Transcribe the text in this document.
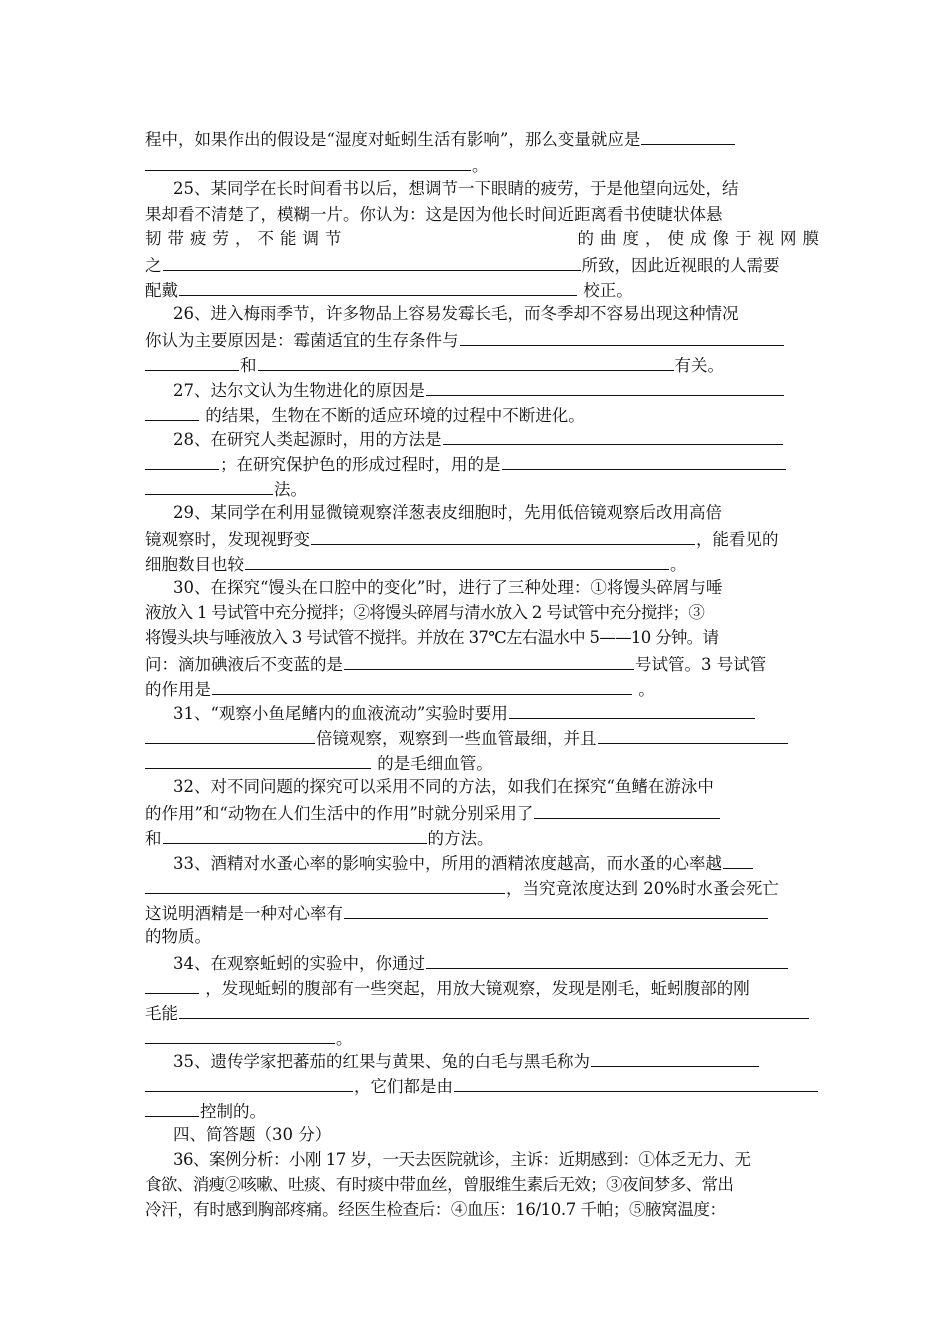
程中，如果作出的假设是“湿度对蚯蚓生活有影响”，那么变量就应是
。
25、某同学在长时间看书以后，想调节一下眼睛的疲劳，于是他望向远处，结
果却看不清楚了，模糊一片。你认为：这是因为他长时间近距离看书使睫状体悬
韧带疲劳，不能调节	的曲度，使成像于视网膜
之	所致，因此近视眼的人需要
配戴	校正。
26、进入梅雨季节，许多物品上容易发霉长毛，而冬季却不容易出现这种情况
你认为主要原因是：霉菌适宜的生存条件与
和	有关。
27、达尔文认为生物进化的原因是
的结果，生物在不断的适应环境的过程中不断进化。
28、在研究人类起源时，用的方法是
；在研究保护色的形成过程时，用的是
法。
29、某同学在利用显微镜观察洋葱表皮细胞时，先用低倍镜观察后改用高倍
镜观察时，发现视野变	，能看见的
细胞数目也较	。
30、在探究“馒头在口腔中的变化”时，进行了三种处理：①将馒头碎屑与唾
液放入 1 号试管中充分搅拌；②将馒头碎屑与清水放入 2 号试管中充分搅拌；③
将馒头块与唾液放入 3 号试管不搅拌。并放在 37℃左右温水中 5——10 分钟。请
问：滴加碘液后不变蓝的是	号试管。3 号试管
的作用是	。
31、“观察小鱼尾鳍内的血液流动”实验时要用
倍镜观察，观察到一些血管最细，并且
的是毛细血管。
32、对不同问题的探究可以采用不同的方法，如我们在探究“鱼鳍在游泳中
的作用”和“动物在人们生活中的作用”时就分别采用了
和	的方法。
33、酒精对水蚤心率的影响实验中，所用的酒精浓度越高，而水蚤的心率越
，当究竟浓度达到 20%时水蚤会死亡
这说明酒精是一种对心率有
的物质。
34、在观察蚯蚓的实验中，你通过
，发现蚯蚓的腹部有一些突起，用放大镜观察，发现是刚毛，蚯蚓腹部的刚
毛能
。
35、遗传学家把蕃茄的红果与黄果、兔的白毛与黑毛称为
，它们都是由
控制的。
四、简答题（30 分）
36、案例分析：小刚 17 岁，一天去医院就诊，主诉：近期感到：①体乏无力、无
食欲、消瘦②咳嗽、吐痰、有时痰中带血丝，曾服维生素后无效；③夜间梦多、常出
冷汗，有时感到胸部疼痛。经医生检查后：④血压：16/10.7 千帕；⑤腋窝温度：
